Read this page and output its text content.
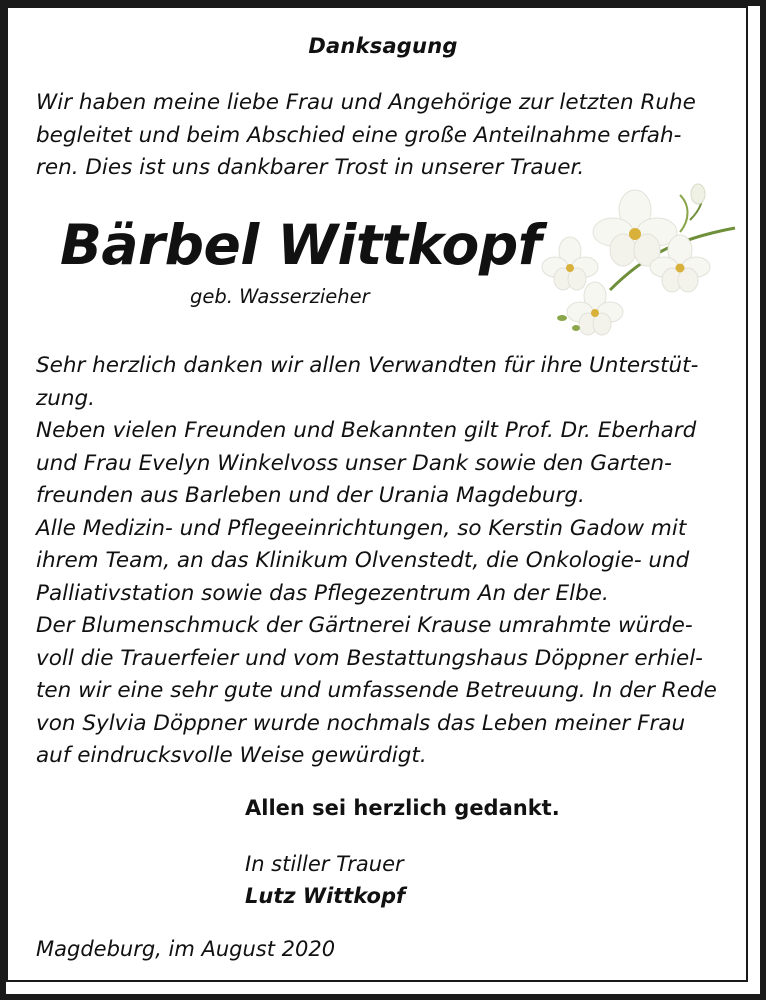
Danksagung
Wir haben meine liebe Frau und Angehörige zur letzten Ruhe
begleitet und beim Abschied eine große Anteilnahme erfah-
ren. Dies ist uns dankbarer Trost in unserer Trauer.
Bärbel Wittkopf
geb. Wasserzieher
Sehr herzlich danken wir allen Verwandten für ihre Unterstüt-
zung.
Neben vielen Freunden und Bekannten gilt Prof. Dr. Eberhard
und Frau Evelyn Winkelvoss unser Dank sowie den Garten-
freunden aus Barleben und der Urania Magdeburg.
Alle Medizin- und Pflegeeinrichtungen, so Kerstin Gadow mit
ihrem Team, an das Klinikum Olvenstedt, die Onkologie- und
Palliativstation sowie das Pflegezentrum An der Elbe.
Der Blumenschmuck der Gärtnerei Krause umrahmte würde-
voll die Trauerfeier und vom Bestattungshaus Döppner erhiel-
ten wir eine sehr gute und umfassende Betreuung. In der Rede
von Sylvia Döppner wurde nochmals das Leben meiner Frau
auf eindrucksvolle Weise gewürdigt.
Allen sei herzlich gedankt.
In stiller Trauer
Lutz Wittkopf
Magdeburg, im August 2020
